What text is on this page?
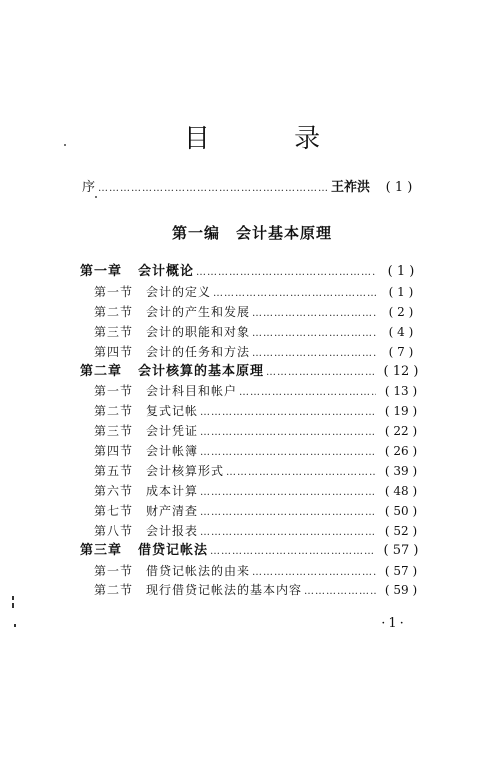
目 录
序 ……………………………………………………………………………………………………………………………………………………	王祚洪	( 1 )
第一编　会计基本原理
第一章 会计概论 ……………………………………………………………………………………………………………………………………………………	( 1 )
第一节 会计的定义 ……………………………………………………………………………………………………………………………………………………	( 1 )
第二节 会计的产生和发展 ……………………………………………………………………………………………………………………………………………………	( 2 )
第三节 会计的职能和对象 ……………………………………………………………………………………………………………………………………………………	( 4 )
第四节 会计的任务和方法 ……………………………………………………………………………………………………………………………………………………	( 7 )
第二章 会计核算的基本原理 ……………………………………………………………………………………………………………………………………………………	( 12 )
第一节 会计科目和帐户 ……………………………………………………………………………………………………………………………………………………	( 13 )
第二节 复式记帐 ……………………………………………………………………………………………………………………………………………………	( 19 )
第三节 会计凭证 ……………………………………………………………………………………………………………………………………………………	( 22 )
第四节 会计帐簿 ……………………………………………………………………………………………………………………………………………………	( 26 )
第五节 会计核算形式 ……………………………………………………………………………………………………………………………………………………	( 39 )
第六节 成本计算 ……………………………………………………………………………………………………………………………………………………	( 48 )
第七节 财产清查 ……………………………………………………………………………………………………………………………………………………	( 50 )
第八节 会计报表 ……………………………………………………………………………………………………………………………………………………	( 52 )
第三章 借贷记帐法 ……………………………………………………………………………………………………………………………………………………	( 57 )
第一节 借贷记帐法的由来 ……………………………………………………………………………………………………………………………………………………	( 57 )
第二节 现行借贷记帐法的基本内容 ……………………………………………………………………………………………………………………………………………………	( 59 )
·1·
